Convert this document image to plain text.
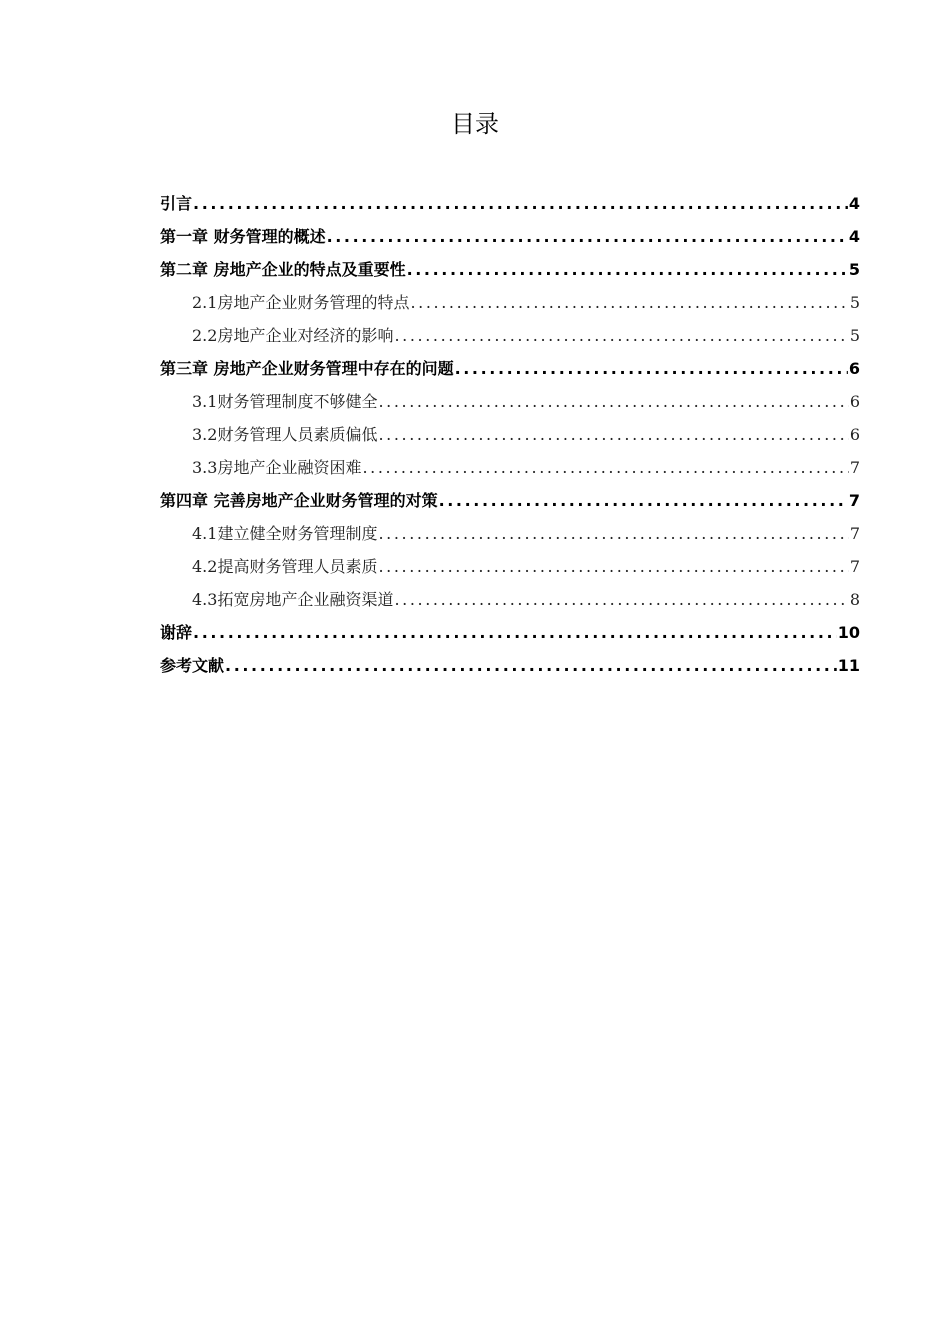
目录
引言 .....	4
第一章 财务管理的概述 .....	4
第二章 房地产企业的特点及重要性 .....	5
2.1房地产企业财务管理的特点 .....	5
2.2房地产企业对经济的影响 .....	5
第三章 房地产企业财务管理中存在的问题 .....	6
3.1财务管理制度不够健全 .....	6
3.2财务管理人员素质偏低 .....	6
3.3房地产企业融资困难 .....	7
第四章 完善房地产企业财务管理的对策 .....	7
4.1建立健全财务管理制度 .....	7
4.2提高财务管理人员素质 .....	7
4.3拓宽房地产企业融资渠道 .....	8
谢辞 .....	10
参考文献 .....	11
